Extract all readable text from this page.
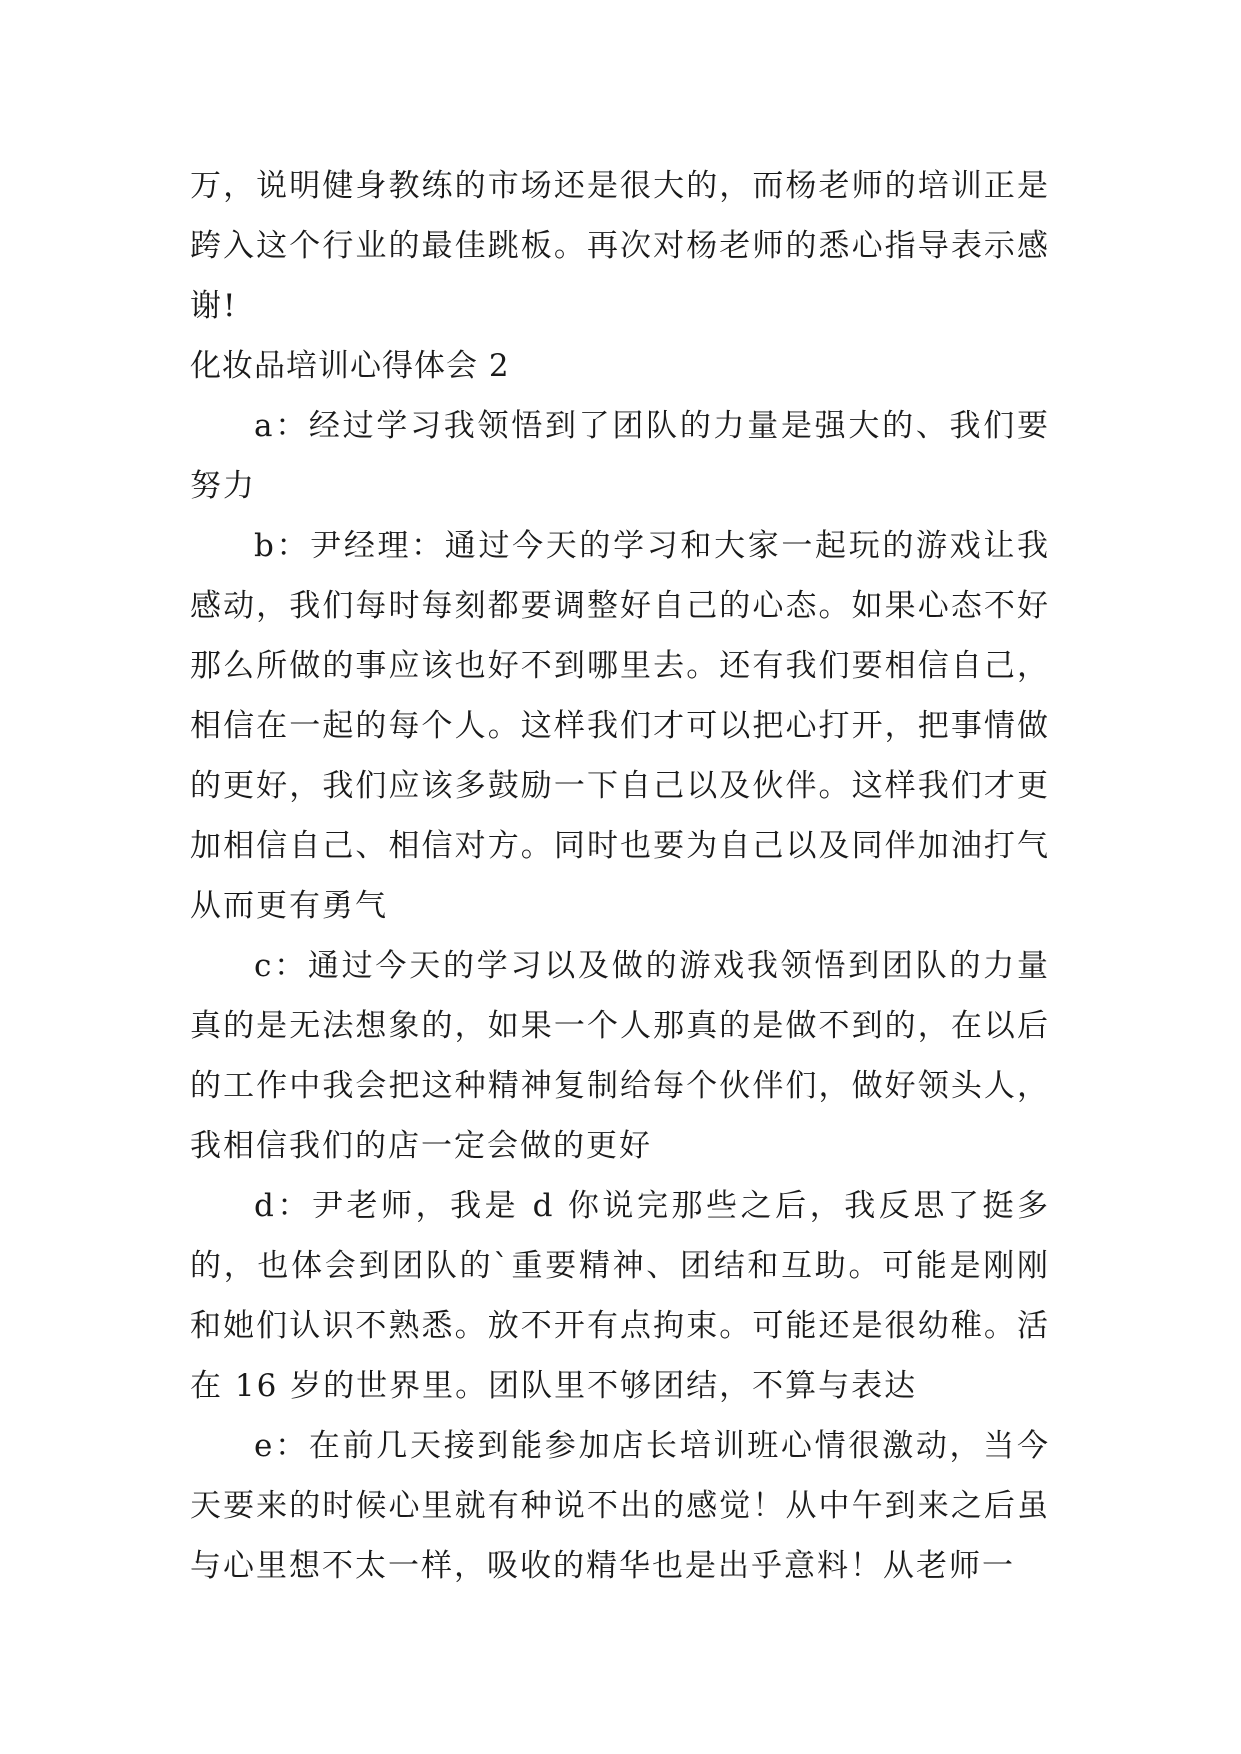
万，说明健身教练的市场还是很大的，而杨老师的培训正是跨入这个行业的最佳跳板。再次对杨老师的悉心指导表示感谢!

化妆品培训心得体会 2

a：经过学习我领悟到了团队的力量是强大的、我们要努力

b：尹经理：通过今天的学习和大家一起玩的游戏让我感动，我们每时每刻都要调整好自己的心态。如果心态不好那么所做的事应该也好不到哪里去。还有我们要相信自己，相信在一起的每个人。这样我们才可以把心打开，把事情做的更好，我们应该多鼓励一下自己以及伙伴。这样我们才更加相信自己、相信对方。同时也要为自己以及同伴加油打气从而更有勇气

c：通过今天的学习以及做的游戏我领悟到团队的力量真的是无法想象的，如果一个人那真的是做不到的，在以后的工作中我会把这种精神复制给每个伙伴们，做好领头人，我相信我们的店一定会做的更好

d：尹老师，我是 d 你说完那些之后，我反思了挺多的，也体会到团队的`重要精神、团结和互助。可能是刚刚和她们认识不熟悉。放不开有点拘束。可能还是很幼稚。活在 16 岁的世界里。团队里不够团结，不算与表达

e：在前几天接到能参加店长培训班心情很激动，当今天要来的时候心里就有种说不出的感觉！从中午到来之后虽与心里想不太一样，吸收的精华也是出乎意料！从老师一
